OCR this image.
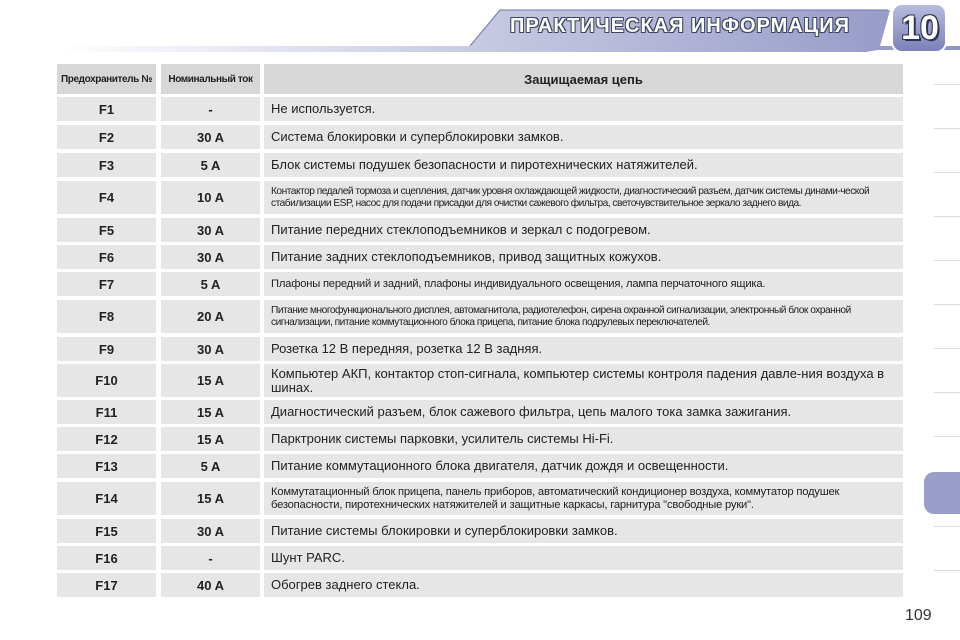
ПРАКТИЧЕСКАЯ ИНФОРМАЦИЯ 10
Предохранитель №	Номинальный ток	Защищаемая цепь
F1	-	Не используется.
F2	30 A	Система блокировки и суперблокировки замков.
F3	5 A	Блок системы подушек безопасности и пиротехнических натяжителей.
F4	10 A	Контактор педалей тормоза и сцепления, датчик уровня охлаждающей жидкости, диагностический разъем, датчик системы динами-ческой стабилизации ESP, насос для подачи присадки для очистки сажевого фильтра, светочувствительное зеркало заднего вида.
F5	30 A	Питание передних стеклоподъемников и зеркал с подогревом.
F6	30 A	Питание задних стеклоподъемников, привод защитных кожухов.
F7	5 A	Плафоны передний и задний, плафоны индивидуального освещения, лампа перчаточного ящика.
F8	20 A	Питание многофункционального дисплея, автомагнитола, радиотелефон, сирена охранной сигнализации, электронный блок охранной сигнализации, питание коммутационного блока прицепа, питание блока подрулевых переключателей.
F9	30 A	Розетка 12 В передняя, розетка 12 В задняя.
F10	15 A	Компьютер АКП, контактор стоп-сигнала, компьютер системы контроля падения давле-ния воздуха в шинах.
F11	15 A	Диагностический разъем, блок сажевого фильтра, цепь малого тока замка зажигания.
F12	15 A	Парктроник системы парковки, усилитель системы Hi-Fi.
F13	5 A	Питание коммутационного блока двигателя, датчик дождя и освещенности.
F14	15 A	Коммутатационный блок прицепа, панель приборов, автоматический кондиционер воздуха, коммутатор подушек безопасности, пиротехнических натяжителей и защитные каркасы, гарнитура "свободные руки".
F15	30 A	Питание системы блокировки и суперблокировки замков.
F16	-	Шунт PARC.
F17	40 A	Обогрев заднего стекла.
109
